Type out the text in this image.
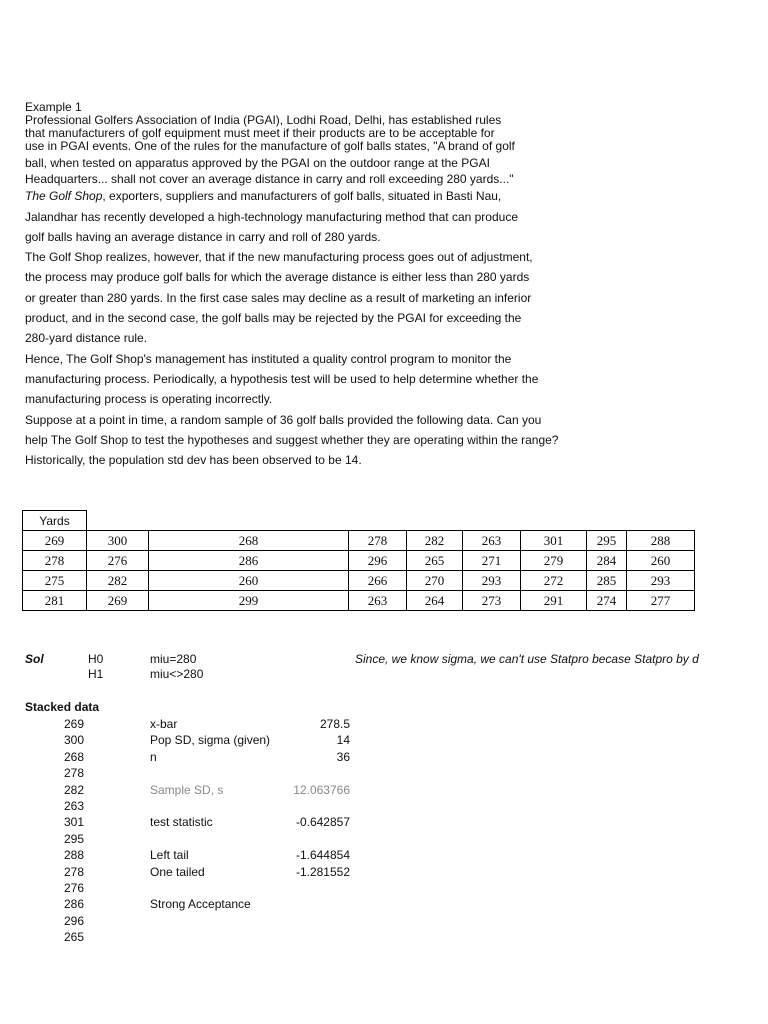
Example 1
Professional Golfers Association of India (PGAI), Lodhi Road, Delhi, has established rules
that manufacturers of golf equipment must meet if their products are to be acceptable for
use in PGAI events. One of the rules for the manufacture of golf balls states, "A brand of golf
ball, when tested on apparatus approved by the PGAI on the outdoor range at the PGAI
Headquarters... shall not cover an average distance in carry and roll exceeding 280 yards..."
The Golf Shop, exporters, suppliers and manufacturers of golf balls, situated in Basti Nau,
Jalandhar has recently developed a high-technology manufacturing method that can produce
golf balls having an average distance in carry and roll of 280 yards.
The Golf Shop realizes, however, that if the new manufacturing process goes out of adjustment,
the process may produce golf balls for which the average distance is either less than 280 yards
or greater than 280 yards. In the first case sales may decline as a result of marketing an inferior
product, and in the second case, the golf balls may be rejected by the PGAI for exceeding the
280-yard distance rule.
Hence, The Golf Shop's management has instituted a quality control program to monitor the
manufacturing process. Periodically, a hypothesis test will be used to help determine whether the
manufacturing process is operating incorrectly.
Suppose at a point in time, a random sample of 36 golf balls provided the following data. Can you
help The Golf Shop to test the hypotheses and suggest whether they are operating within the range?
Historically, the population std dev has been observed to be 14.
Yards								
269	300	268	278	282	263	301	295	288
278	276	286	296	265	271	279	284	260
275	282	260	266	270	293	272	285	293
281	269	299	263	264	273	291	274	277
Sol	H0	miu=280
H1	miu<>280
Since, we know sigma, we can't use Statpro becase Statpro by d
Stacked data
269
300
268
278
282
263
301
295
288
278
276
286
296
265
x-bar	278.5
Pop SD, sigma (given)	14
n	36
Sample SD, s	12.063766
test statistic	-0.642857
Left tail	-1.644854
One tailed	-1.281552
Strong Acceptance
